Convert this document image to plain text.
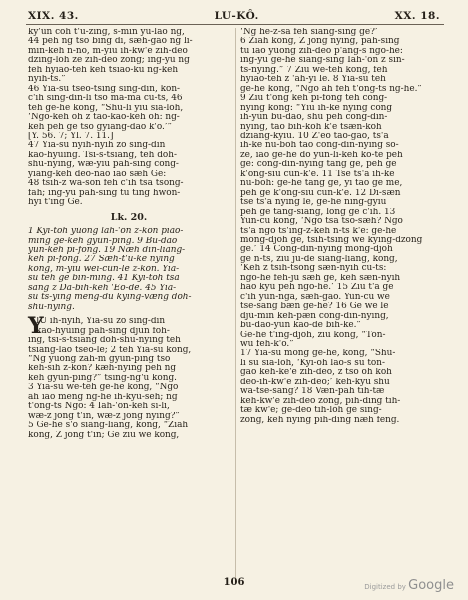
XIX. 43.	LU-KÔ.	XX. 18.
ky'ün coh t'u-zing, s-min yü-lao ng,
44 peh ng tso bing di, sæh-gao ng li-
min-keh n-nô, m-yiu ih-kw'e zih-deo
dzing-löh ze zih-deo zông; ing-yü ng
feh hyiao-teh keh tsiao-ku ng-keh
nyih-ts.”
46 Yia-su tseo-tsing sing-din, kön-
c'ih sing-din-li tso ma-ma cü-ts, 46
teh ge-he kông, “Shü-li yiu sia-löh,
‘Ngô-keh oh z tao-kao-keh oh: ng-
keh peh ge tso gyiang-dao k'o.’”
[Y. 56. 7; Yl. 7. 11.]
47 Yia-su nyih-nyih zo sing-din
kao-hyüing. Tsi-s-tsiang, teh doh-
shü-nying, wæ-yiu pah-sing cong-
yiang-keh deo-nao iao sæh Ge:
48 tsih-z wa-sön feh c'ih tsa tsông-
fah; ing-yü pah-sing tu ting hwön-
hyi t'ing Ge.
Lk. 20.
1 Kyi-toh yüong lah-'ön z-kön piao-
ming ge-keh gyün-ping. 9 Bu-dao
yün-keh pi-fông. 19 Næh din-liang-
keh pi-fông. 27 Sæh-t'u-ke nying
kông, m-yiu weï-cün-le z-kön. Yia-
su teh ge bin-ming. 41 Kyi-toh tsa
sang z Da-bih-keh 'Eo-de. 45 Yia-
su ts-ying meng-du kying-væng doh-
shü-nying.
IU ih-nyih, Yia-su zo sing-din
kao-hyüing pah-sing djün foh-
ing, tsi-s-tsiang doh-shü-nying teh
tsiang-lao tseo-le; 2 teh Yia-su kông,
“Ng yüong zah-m gyün-ping tso
keh-sih z-kön? kæh-nying peh ng
keh gyün-ping?” tsing-ng'ü kông.
3 Yia-su we-teh ge-he kông, “Ngô
ah iao meng ng-he ih-kyü-seh; ng
t'ong-ts Ngô: 4 Iah-'ön-keh si-li,
wæ-z jong t'in, wæ-z jong nying?”
5 Ge-he s'ô siang-liang, kông, “Ziah
kông, Z jong t'in; Ge ziu we kông,
‘Ng he-z-sa feh siang-sing ge?’
6 Ziah kông, Z jong nying, pah-sing
tu iao yüong zih-deo p'ang-s ngô-he:
ing-yü ge-he siang-sing Iah-'ön z sin-
ts-nying.” 7 Ziu we-teh kông, feh
hyiao-teh z 'ah-yi le. 8 Yia-su teh
ge-he kông, “Ngô ah feh t'ong-ts ng-he.”
9 Ziu t'ong keh pi-fông teh cong-
nying kông: “Yiu ih-ke nying cong
ih-yün bu-dao, shü peh cong-din-
nying, tao bih-koh k'e tsæn-köh
dziang-kyiu. 10 Z'eo tao-gao, ts'a
ih-ke nu-boh tao cong-din-nying so-
ze, iao ge-he do yün-li-keh ko-te peh
ge: cong-din-nying tang ge, peh ge
k'ong-siu cün-k'e. 11 Tse ts'a ih-ke
nu-boh: ge-he tang ge, yi tao ge me,
peh ge k'ong-siu cün-k'e. 12 Di-sæn
tse ts'a nying le, ge-he ning-gyiu
peh ge tang-siang, long ge c'ih. 13
Yün-cü kông, ‘Ngô tsa tso-sæh? Ngô
ts'a ngô ts'ing-z-keh n-ts k'e: ge-he
mông-djöh ge, tsih-tsing we kying-dzong
ge.’ 14 Cong-din-nying mông-djöh
ge n-ts, ziu jü-de siang-liang, kông,
‘Keh z tsih-tsöng sæn-nyih cü-ts:
ngô-he feh-jü sæh ge, keh sæn-nyih
hao kyü peh ngô-he.’ 15 Ziu t'a ge
c'ih yün-nga, sæh-gao. Yün-cü we
tse-sang bæn ge-he? 16 Ge we le
djü-min keh-pæn cong-din-nying,
bu-dao-yün kao-de bih-ke.”
Ge-he t'ing-djöh, ziu kông, “Tön-
wu feh-k'o.”
17 Yia-su mông ge-he, kông, “Shü-
li su sia-löh, ‘Kyi-oh lao-s su tön-
gao keh-ke'e zih-deo, z tso oh köh
deo-ih-kw'e zih-deo;’ keh-kyü shü
wa-tse-sang? 18 Væn-pah tih-tæ
keh-kw'e zih-deo zông, pih-ding tih-
tæ kw'e; ge-deo tih-löh ge sing-
zông, keh nying pih-ding næh feng.
106	Digitized by Google
Y
